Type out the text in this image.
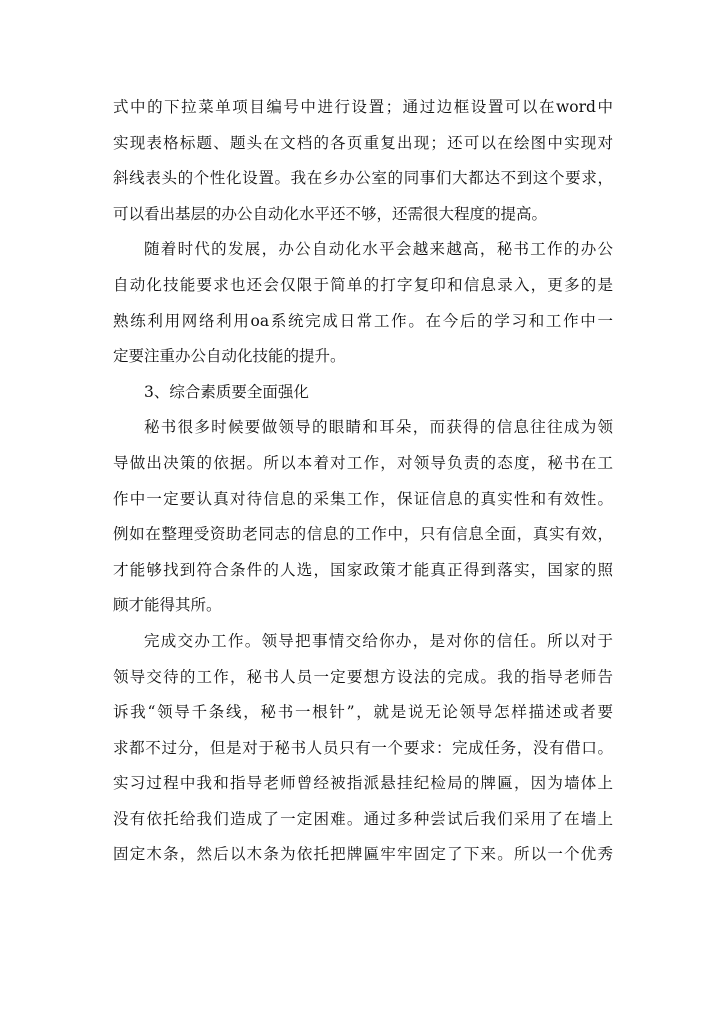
式中的下拉菜单项目编号中进行设置；通过边框设置可以在word中
实现表格标题、题头在文档的各页重复出现；还可以在绘图中实现对
斜线表头的个性化设置。我在乡办公室的同事们大都达不到这个要求，
可以看出基层的办公自动化水平还不够，还需很大程度的提高。
随着时代的发展，办公自动化水平会越来越高，秘书工作的办公
自动化技能要求也还会仅限于简单的打字复印和信息录入，更多的是
熟练利用网络利用oa系统完成日常工作。在今后的学习和工作中一
定要注重办公自动化技能的提升。
3、综合素质要全面强化
秘书很多时候要做领导的眼睛和耳朵，而获得的信息往往成为领
导做出决策的依据。所以本着对工作，对领导负责的态度，秘书在工
作中一定要认真对待信息的采集工作，保证信息的真实性和有效性。
例如在整理受资助老同志的信息的工作中，只有信息全面，真实有效，
才能够找到符合条件的人选，国家政策才能真正得到落实，国家的照
顾才能得其所。
完成交办工作。领导把事情交给你办，是对你的信任。所以对于
领导交待的工作，秘书人员一定要想方设法的完成。我的指导老师告
诉我“领导千条线，秘书一根针”，就是说无论领导怎样描述或者要
求都不过分，但是对于秘书人员只有一个要求：完成任务，没有借口。
实习过程中我和指导老师曾经被指派悬挂纪检局的牌匾，因为墙体上
没有依托给我们造成了一定困难。通过多种尝试后我们采用了在墙上
固定木条，然后以木条为依托把牌匾牢牢固定了下来。所以一个优秀
